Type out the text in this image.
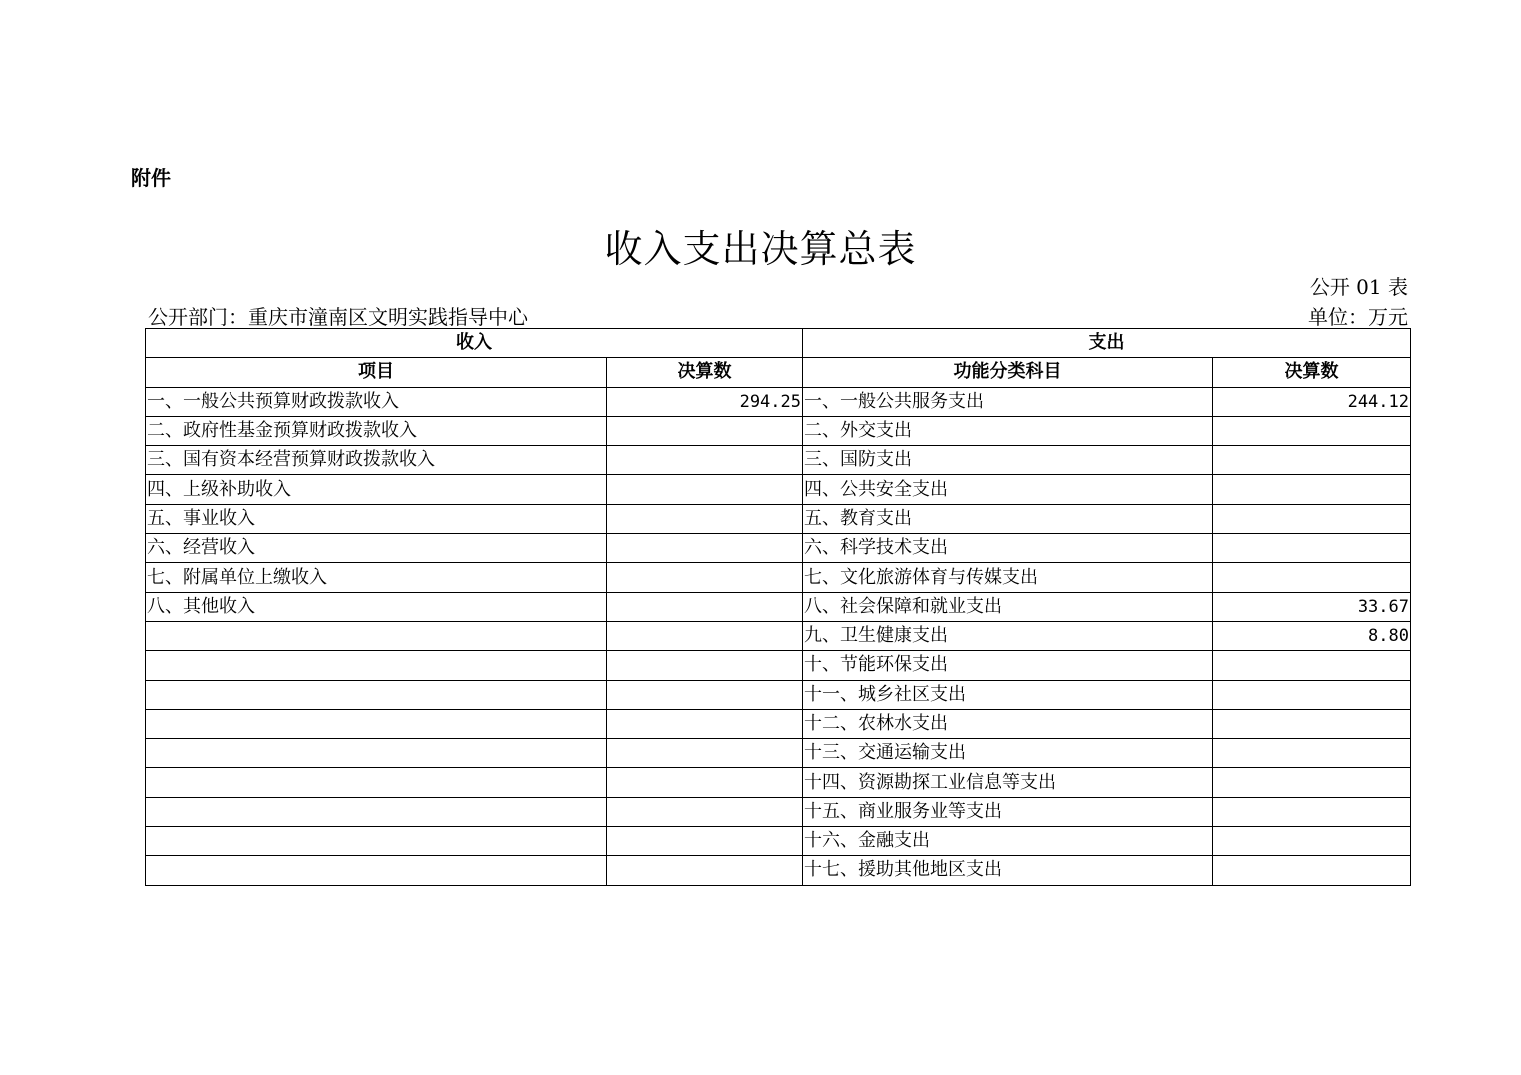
附件
收入支出决算总表
公开 01 表
公开部门：重庆市潼南区文明实践指导中心	单位：万元
收入		支出	
项目	决算数	功能分类科目	决算数
一、一般公共预算财政拨款收入	294.25	一、一般公共服务支出	244.12
二、政府性基金预算财政拨款收入		二、外交支出	
三、国有资本经营预算财政拨款收入		三、国防支出	
四、上级补助收入		四、公共安全支出	
五、事业收入		五、教育支出	
六、经营收入		六、科学技术支出	
七、附属单位上缴收入		七、文化旅游体育与传媒支出	
八、其他收入		八、社会保障和就业支出	33.67
		九、卫生健康支出	8.80
		十、节能环保支出	
		十一、城乡社区支出	
		十二、农林水支出	
		十三、交通运输支出	
		十四、资源勘探工业信息等支出	
		十五、商业服务业等支出	
		十六、金融支出	
		十七、援助其他地区支出	
